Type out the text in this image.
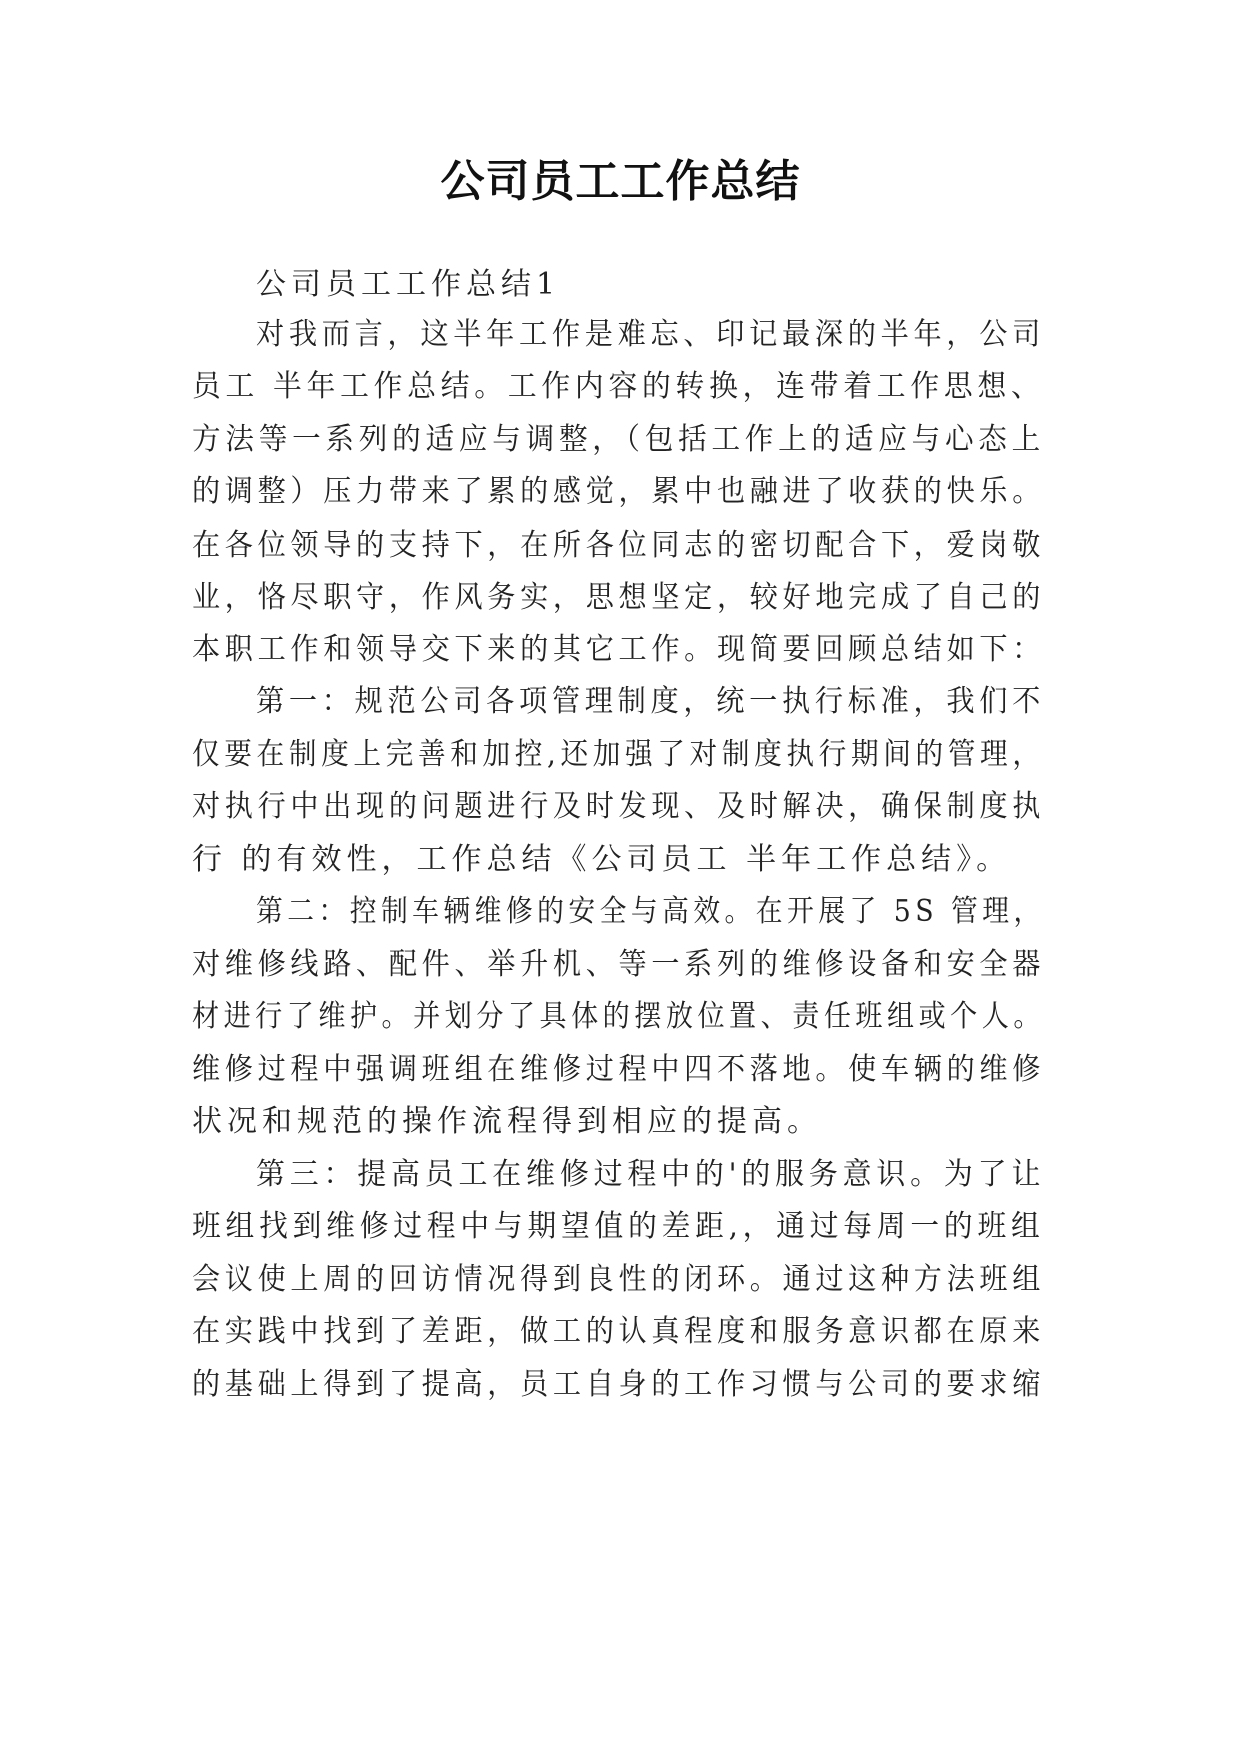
公司员工工作总结
公司员工工作总结1
对我而言，这半年工作是难忘、印记最深的半年，公司
员工 半年工作总结。工作内容的转换，连带着工作思想、
方法等一系列的适应与调整，（包括工作上的适应与心态上
的调整）压力带来了累的感觉，累中也融进了收获的快乐。
在各位领导的支持下，在所各位同志的密切配合下，爱岗敬
业，恪尽职守，作风务实，思想坚定，较好地完成了自己的
本职工作和领导交下来的其它工作。现简要回顾总结如下：
第一：规范公司各项管理制度，统一执行标准，我们不
仅要在制度上完善和加控,还加强了对制度执行期间的管理，
对执行中出现的问题进行及时发现、及时解决，确保制度执
行 的有效性，工作总结《公司员工 半年工作总结》。
第二：控制车辆维修的安全与高效。在开展了 5S 管理，
对维修线路、配件、举升机、等一系列的维修设备和安全器
材进行了维护。并划分了具体的摆放位置、责任班组或个人。
维修过程中强调班组在维修过程中四不落地。使车辆的维修
状况和规范的操作流程得到相应的提高。
第三：提高员工在维修过程中的'的服务意识。为了让
班组找到维修过程中与期望值的差距,，通过每周一的班组
会议使上周的回访情况得到良性的闭环。通过这种方法班组
在实践中找到了差距，做工的认真程度和服务意识都在原来
的基础上得到了提高，员工自身的工作习惯与公司的要求缩
